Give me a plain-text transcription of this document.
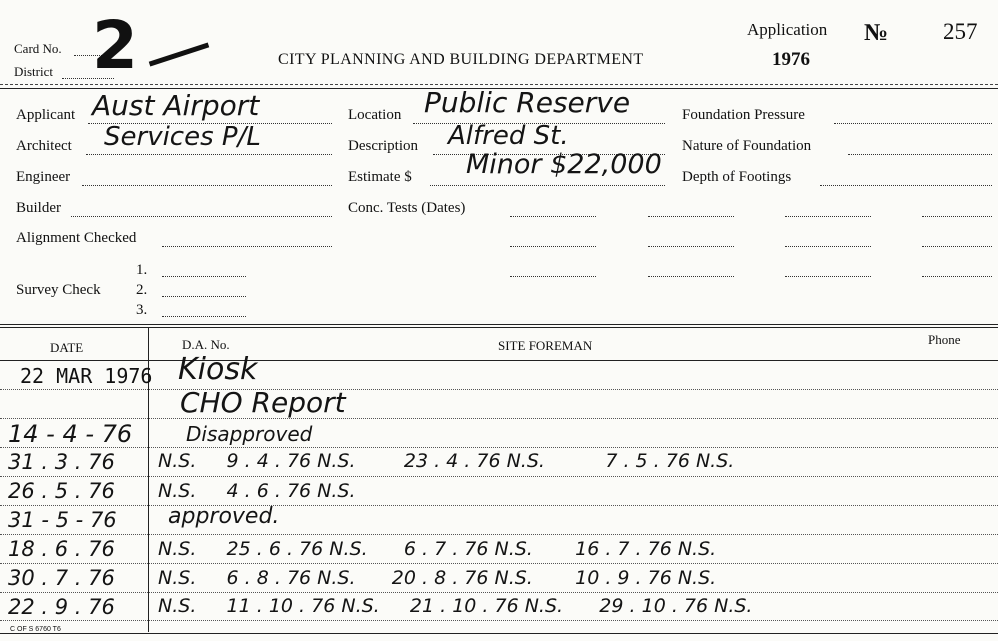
Card No.
District 2	CITY PLANNING AND BUILDING DEPARTMENT
Application
1976
№ 257
Applicant Aust Airport
Architect Services P/L
Engineer
Builder
Alignment Checked
1.
Survey Check 2.
3.
Location Public Reserve
Description Alfred St.
Estimate $ Minor $22,000
Conc. Tests (Dates)
Foundation Pressure
Nature of Foundation
Depth of Footings
DATE	D.A. No.	SITE FOREMAN	Phone
22 MAR 1976 Kiosk
CHO Report
14 - 4 - 76	Disapproved
31 . 3 . 76 N.S.     9 . 4 . 76 N.S.        23 . 4 . 76 N.S.          7 . 5 . 76 N.S.
26 . 5 . 76 N.S.     4 . 6 . 76 N.S.
31 - 5 - 76 approved.
18 . 6 . 76 N.S.     25 . 6 . 76 N.S.      6 . 7 . 76 N.S.       16 . 7 . 76 N.S.
30 . 7 . 76 N.S.     6 . 8 . 76 N.S.      20 . 8 . 76 N.S.       10 . 9 . 76 N.S.
22 . 9 . 76 N.S.     11 . 10 . 76 N.S.     21 . 10 . 76 N.S.      29 . 10 . 76 N.S.
C OF S 6760 T6
